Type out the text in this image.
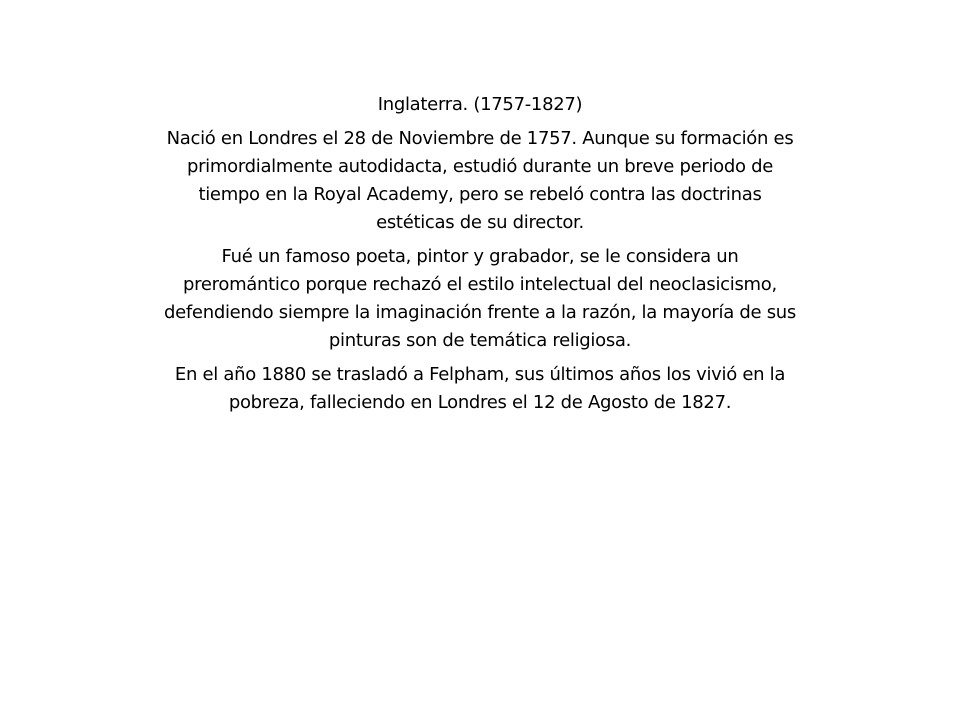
Inglaterra. (1757-1827)
Nació en Londres el 28 de Noviembre de 1757. Aunque su formación es
primordialmente autodidacta, estudió durante un breve periodo de
tiempo en la Royal Academy, pero se rebeló contra las doctrinas
estéticas de su director.
Fué un famoso poeta, pintor y grabador, se le considera un
preromántico porque rechazó el estilo intelectual del neoclasicismo,
defendiendo siempre la imaginación frente a la razón, la mayoría de sus
pinturas son de temática religiosa.
En el año 1880 se trasladó a Felpham, sus últimos años los vivió en la
pobreza, falleciendo en Londres el 12 de Agosto de 1827.
